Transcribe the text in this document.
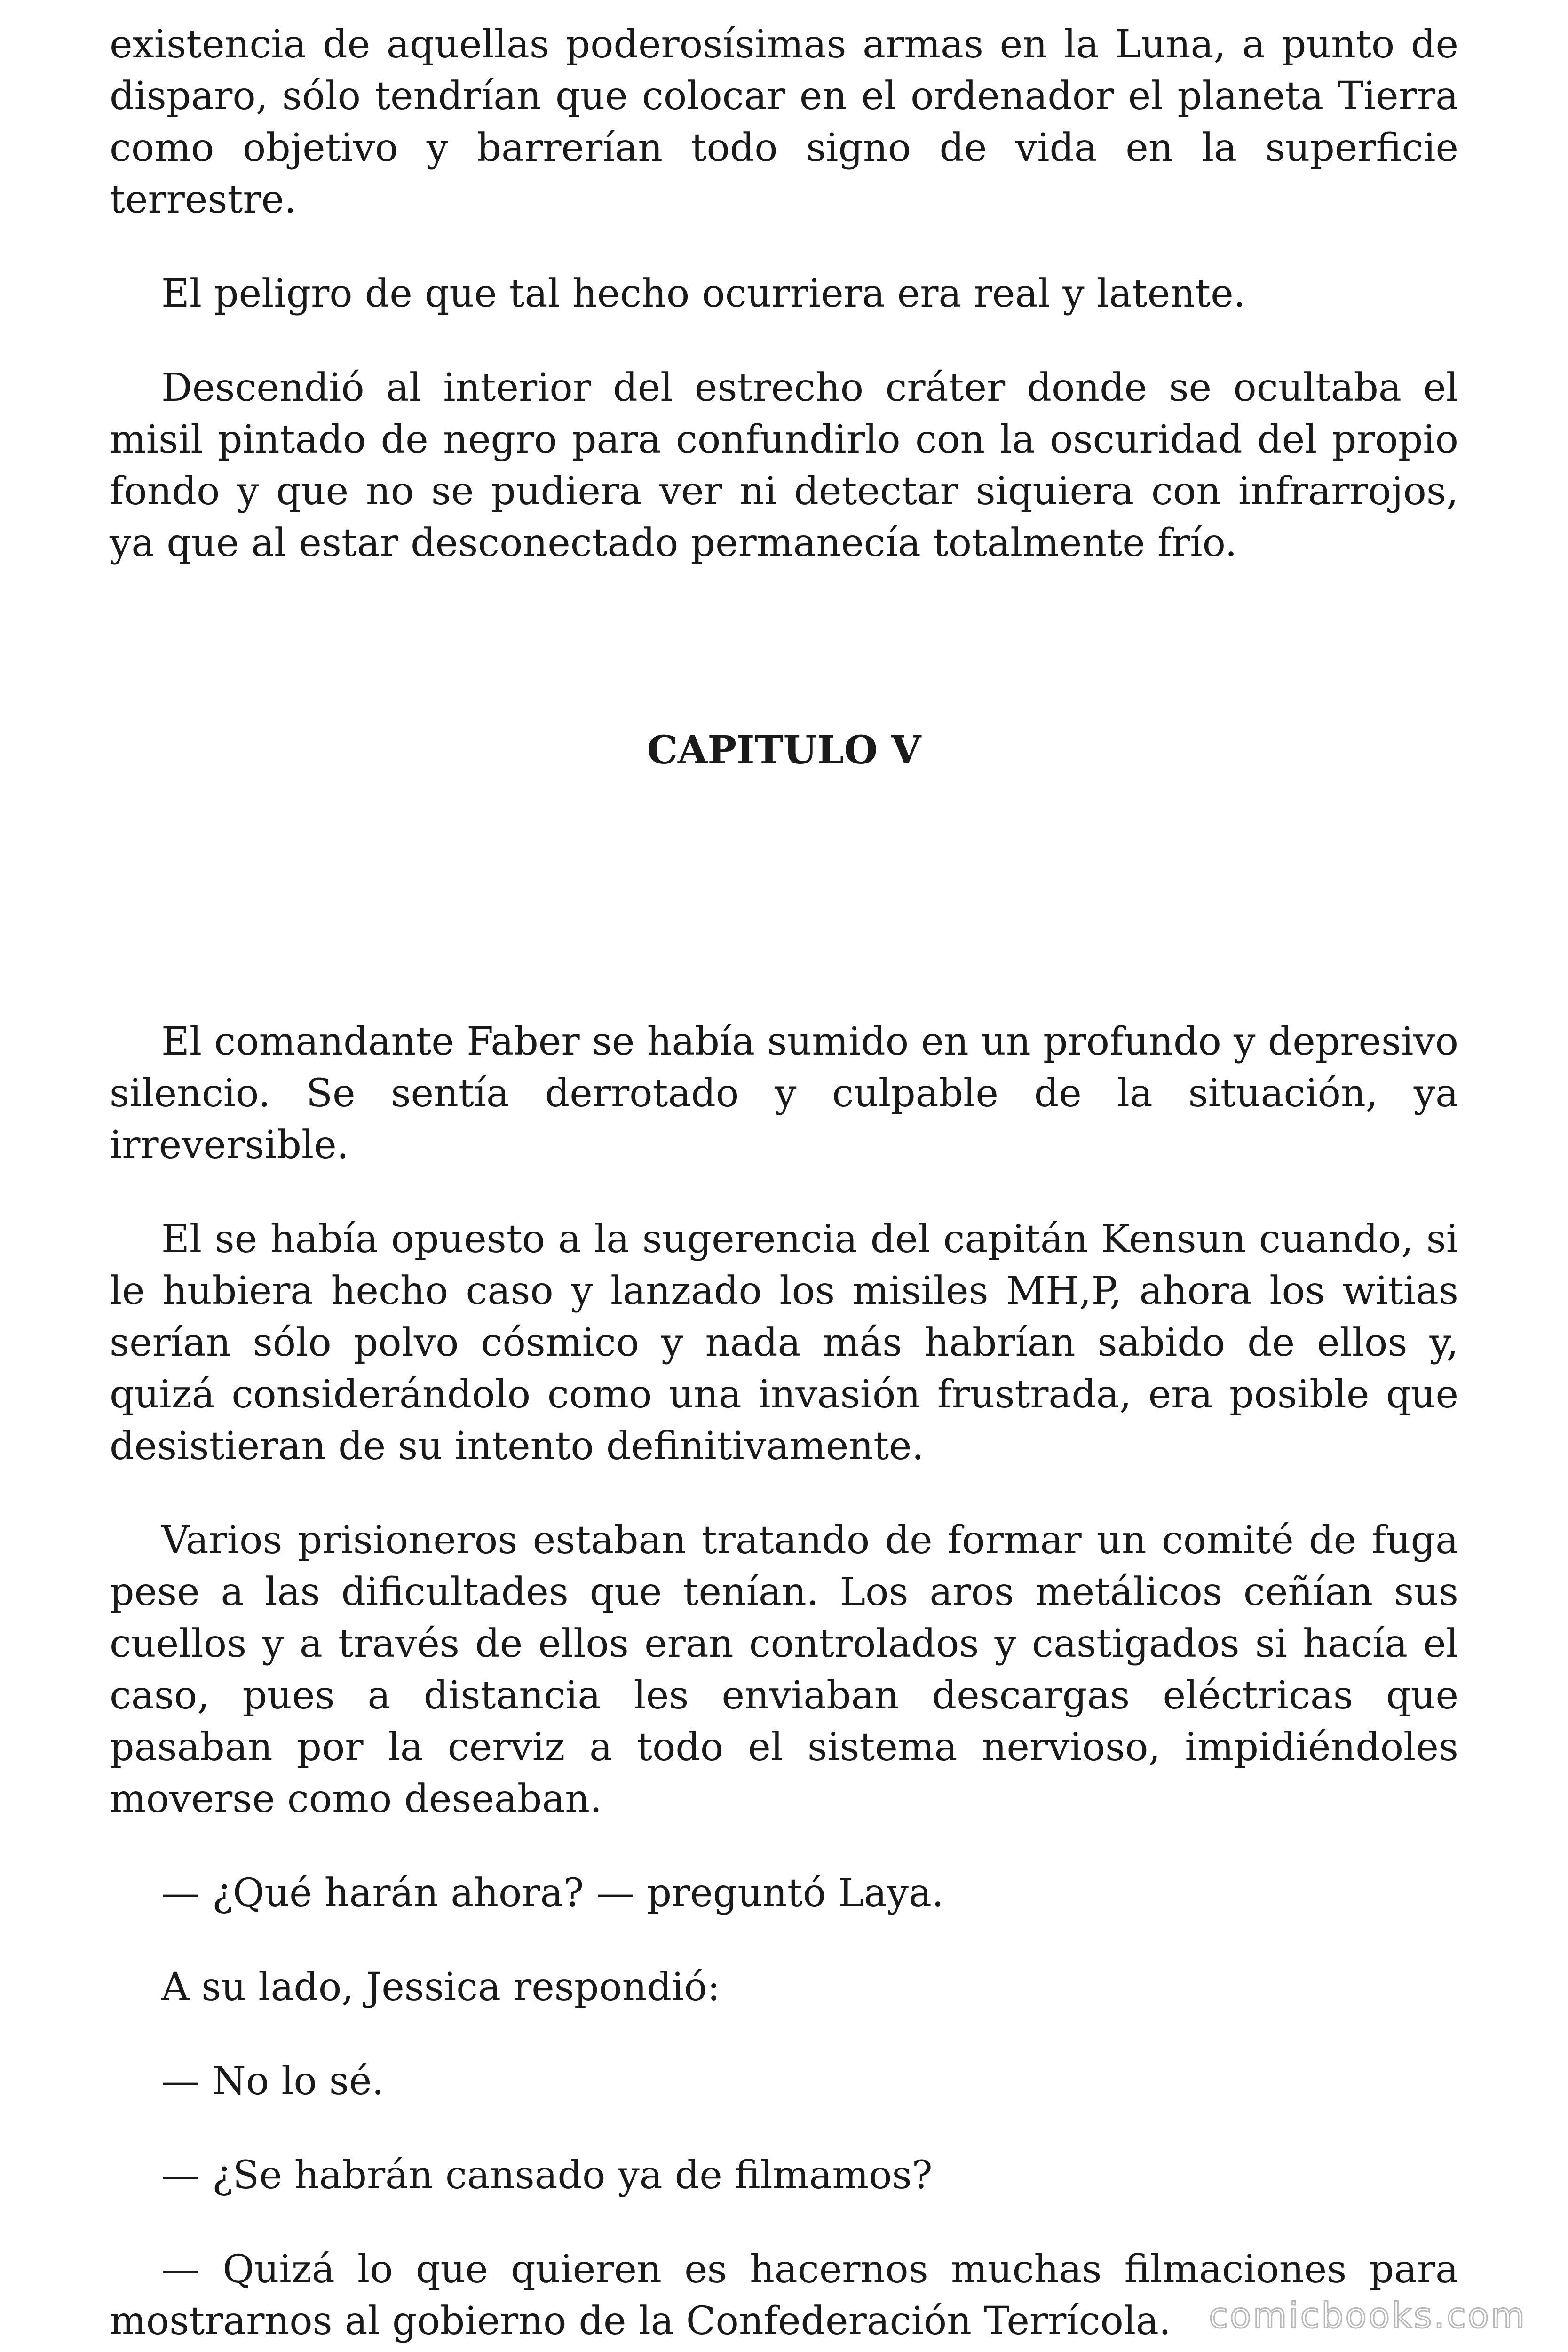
existencia de aquellas poderosísimas armas en la Luna, a punto de disparo, sólo tendrían que colocar en el ordenador el planeta Tierra como objetivo y barrerían todo signo de vida en la superficie terrestre.

El peligro de que tal hecho ocurriera era real y latente.

Descendió al interior del estrecho cráter donde se ocultaba el misil pintado de negro para confundirlo con la oscuridad del propio fondo y que no se pudiera ver ni detectar siquiera con infrarrojos, ya que al estar desconectado permanecía totalmente frío.

CAPITULO V

El comandante Faber se había sumido en un profundo y depresivo silencio. Se sentía derrotado y culpable de la situación, ya irreversible.

El se había opuesto a la sugerencia del capitán Kensun cuando, si le hubiera hecho caso y lanzado los misiles MH,P, ahora los witias serían sólo polvo cósmico y nada más habrían sabido de ellos y, quizá considerándolo como una invasión frustrada, era posible que desistieran de su intento definitivamente.

Varios prisioneros estaban tratando de formar un comité de fuga pese a las dificultades que tenían. Los aros metálicos ceñían sus cuellos y a través de ellos eran controlados y castigados si hacía el caso, pues a distancia les enviaban descargas eléctricas que pasaban por la cerviz a todo el sistema nervioso, impidiéndoles moverse como deseaban.

— ¿Qué harán ahora? — preguntó Laya.

A su lado, Jessica respondió:

— No lo sé.

— ¿Se habrán cansado ya de filmamos?

— Quizá lo que quieren es hacernos muchas filmaciones para mostrarnos al gobierno de la Confederación Terrícola.	comicbooks.com
